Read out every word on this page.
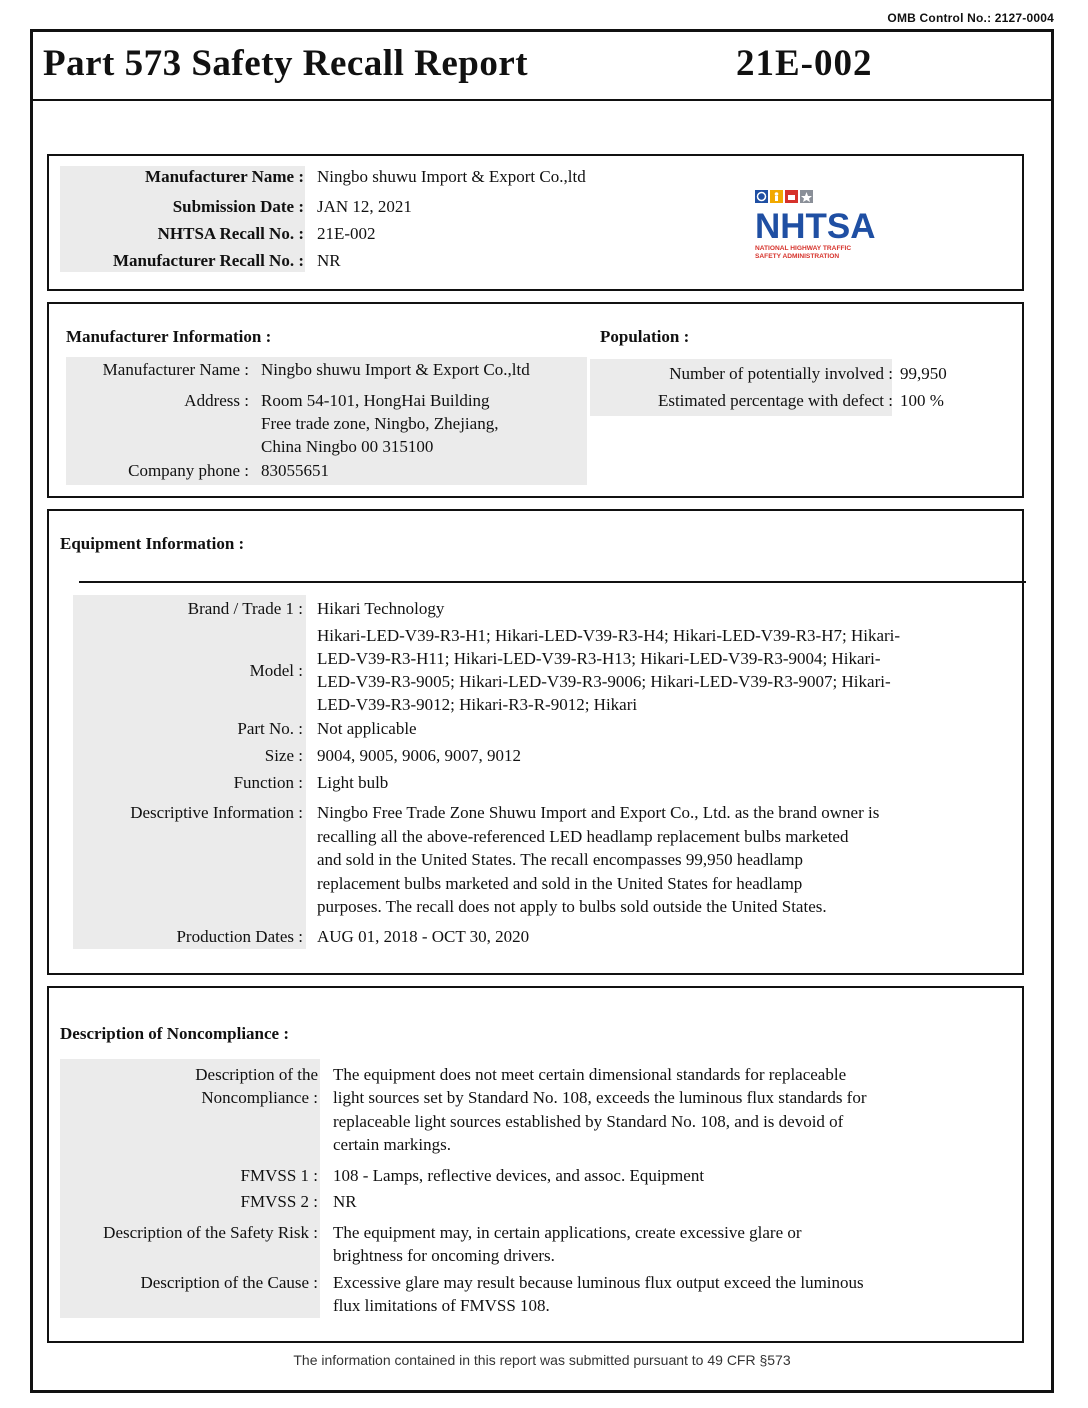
OMB Control No.: 2127-0004
Part 573 Safety Recall Report	21E-002
Manufacturer Name : Ningbo shuwu Import & Export Co.,ltd
Submission Date : JAN 12, 2021
NHTSA Recall No. : 21E-002
Manufacturer Recall No. : NR
NHTSA
NATIONAL HIGHWAY TRAFFIC
SAFETY ADMINISTRATION
Manufacturer Information :	Population :
Manufacturer Name : Ningbo shuwu Import & Export Co.,ltd
Address : Room 54-101, HongHai Building
Free trade zone, Ningbo, Zhejiang,
China Ningbo 00 315100
Company phone : 83055651
Number of potentially involved : 99,950
Estimated percentage with defect : 100 %
Equipment Information :
Brand / Trade 1 : Hikari Technology
Model :
Hikari-LED-V39-R3-H1; Hikari-LED-V39-R3-H4; Hikari-LED-V39-R3-H7; Hikari-
LED-V39-R3-H11; Hikari-LED-V39-R3-H13; Hikari-LED-V39-R3-9004; Hikari-
LED-V39-R3-9005; Hikari-LED-V39-R3-9006; Hikari-LED-V39-R3-9007; Hikari-
LED-V39-R3-9012; Hikari-R3-R-9012; Hikari
Part No. : Not applicable
Size : 9004, 9005, 9006, 9007, 9012
Function : Light bulb
Descriptive Information : Ningbo Free Trade Zone Shuwu Import and Export Co., Ltd. as the brand owner is
recalling all the above-referenced LED headlamp replacement bulbs marketed
and sold in the United States. The recall encompasses 99,950 headlamp
replacement bulbs marketed and sold in the United States for headlamp
purposes. The recall does not apply to bulbs sold outside the United States.
Production Dates : AUG 01, 2018 - OCT 30, 2020
Description of Noncompliance :
Description of the
Noncompliance :
The equipment does not meet certain dimensional standards for replaceable
light sources set by Standard No. 108, exceeds the luminous flux standards for
replaceable light sources established by Standard No. 108, and is devoid of
certain markings.
FMVSS 1 : 108 - Lamps, reflective devices, and assoc. Equipment
FMVSS 2 : NR
Description of the Safety Risk : The equipment may, in certain applications, create excessive glare or
brightness for oncoming drivers.
Description of the Cause : Excessive glare may result because luminous flux output exceed the luminous
flux limitations of FMVSS 108.
The information contained in this report was submitted pursuant to 49 CFR §573
